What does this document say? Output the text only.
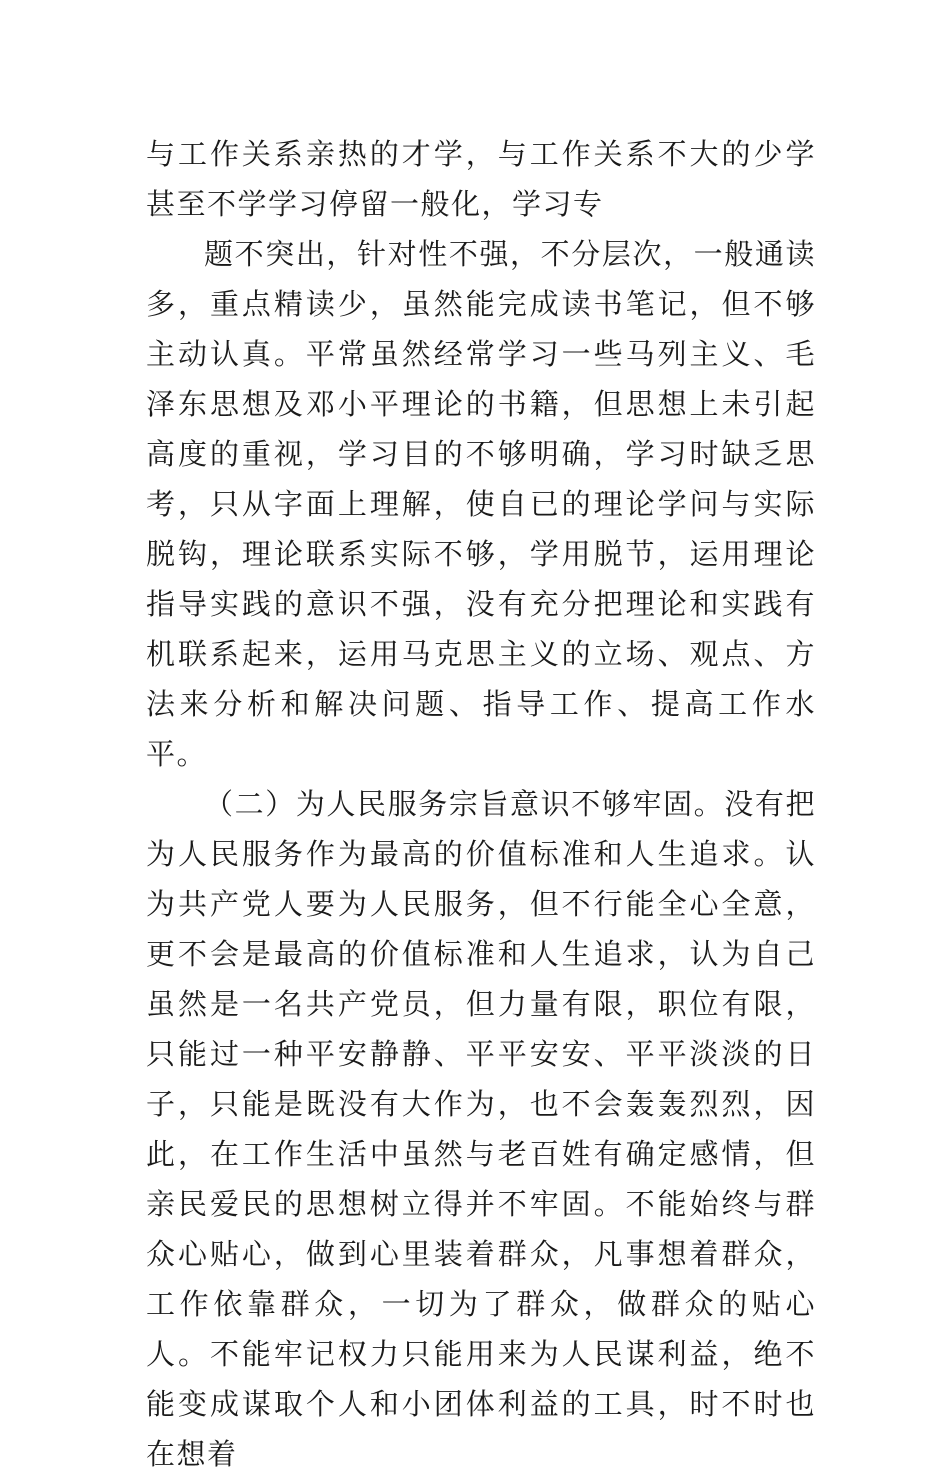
与工作关系亲热的才学，与工作关系不大的少学甚至不学学习停留一般化，学习专

题不突出，针对性不强，不分层次，一般通读多，重点精读少，虽然能完成读书笔记，但不够主动认真。平常虽然经常学习一些马列主义、毛泽东思想及邓小平理论的书籍，但思想上未引起高度的重视，学习目的不够明确，学习时缺乏思考，只从字面上理解，使自已的理论学问与实际脱钩，理论联系实际不够，学用脱节，运用理论指导实践的意识不强，没有充分把理论和实践有机联系起来，运用马克思主义的立场、观点、方法来分析和解决问题、指导工作、提高工作水平。

（二）为人民服务宗旨意识不够牢固。没有把为人民服务作为最高的价值标准和人生追求。认为共产党人要为人民服务，但不行能全心全意，更不会是最高的价值标准和人生追求，认为自己虽然是一名共产党员，但力量有限，职位有限，只能过一种平安静静、平平安安、平平淡淡的日子，只能是既没有大作为，也不会轰轰烈烈，因此，在工作生活中虽然与老百姓有确定感情，但亲民爱民的思想树立得并不牢固。不能始终与群众心贴心，做到心里装着群众，凡事想着群众，工作依靠群众，一切为了群众，做群众的贴心人。不能牢记权力只能用来为人民谋利益，绝不能变成谋取个人和小团体利益的工具，时不时也在想着
